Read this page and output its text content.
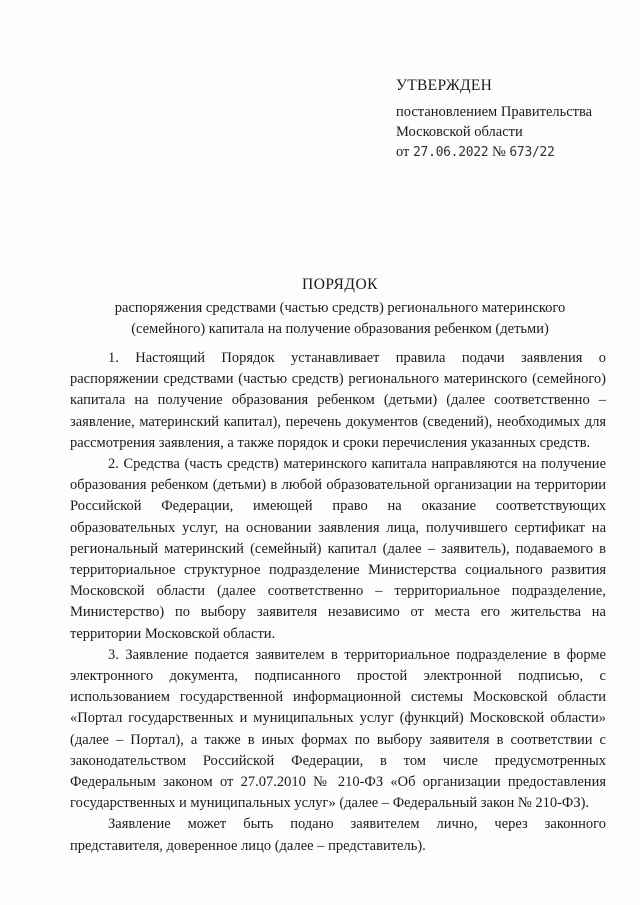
УТВЕРЖДЕН
постановлением Правительства
Московской области
от 27.06.2022 № 673/22
ПОРЯДОК
распоряжения средствами (частью средств) регионального материнского (семейного) капитала на получение образования ребенком (детьми)

1. Настоящий Порядок устанавливает правила подачи заявления о распоряжении средствами (частью средств) регионального материнского (семейного) капитала на получение образования ребенком (детьми) (далее соответственно – заявление, материнский капитал), перечень документов (сведений), необходимых для рассмотрения заявления, а также порядок и сроки перечисления указанных средств.

2. Средства (часть средств) материнского капитала направляются на получение образования ребенком (детьми) в любой образовательной организации на территории Российской Федерации, имеющей право на оказание соответствующих образовательных услуг, на основании заявления лица, получившего сертификат на региональный материнский (семейный) капитал (далее – заявитель), подаваемого в территориальное структурное подразделение Министерства социального развития Московской области (далее соответственно – территориальное подразделение, Министерство) по выбору заявителя независимо от места его жительства на территории Московской области.

3. Заявление подается заявителем в территориальное подразделение в форме электронного документа, подписанного простой электронной подписью, с использованием государственной информационной системы Московской области «Портал государственных и муниципальных услуг (функций) Московской области» (далее – Портал), а также в иных формах по выбору заявителя в соответствии с законодательством Российской Федерации, в том числе предусмотренных Федеральным законом от 27.07.2010 № 210-ФЗ «Об организации предоставления государственных и муниципальных услуг» (далее – Федеральный закон № 210-ФЗ).

Заявление может быть подано заявителем лично, через законного представителя, доверенное лицо (далее – представитель).
